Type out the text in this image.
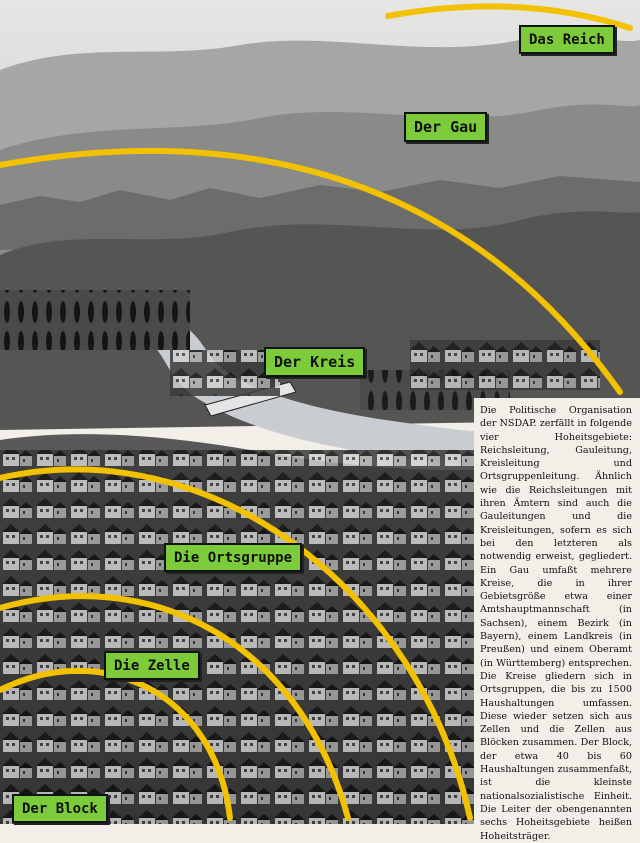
Das Reich
Der Gau
Der Kreis
Die Ortsgruppe
Die Zelle
Der Block
Die Politische Organisation der NSDAP. zerfällt in folgende vier Hoheitsgebiete: Reichsleitung, Gauleitung, Kreisleitung und Ortsgruppenleitung. Ähnlich wie die Reichsleitungen mit ihren Ämtern sind auch die Gauleitungen und die Kreisleitungen, sofern es sich bei den letzteren als notwendig erweist, gegliedert. Ein Gau umfaßt mehrere Kreise, die in ihrer Gebietsgröße etwa einer Amtshauptmannschaft (in Sachsen), einem Bezirk (in Bayern), einem Landkreis (in Preußen) und einem Oberamt (in Württemberg) entsprechen. Die Kreise gliedern sich in Ortsgruppen, die bis zu 1500 Haushaltungen umfassen. Diese wieder setzen sich aus Zellen und die Zellen aus Blöcken zusammen. Der Block, der etwa 40 bis 60 Haushaltungen zusammenfaßt, ist die kleinste nationalsozialistische Einheit. Die Leiter der obengenannten sechs Hoheitsgebiete heißen Hoheitsträger.
